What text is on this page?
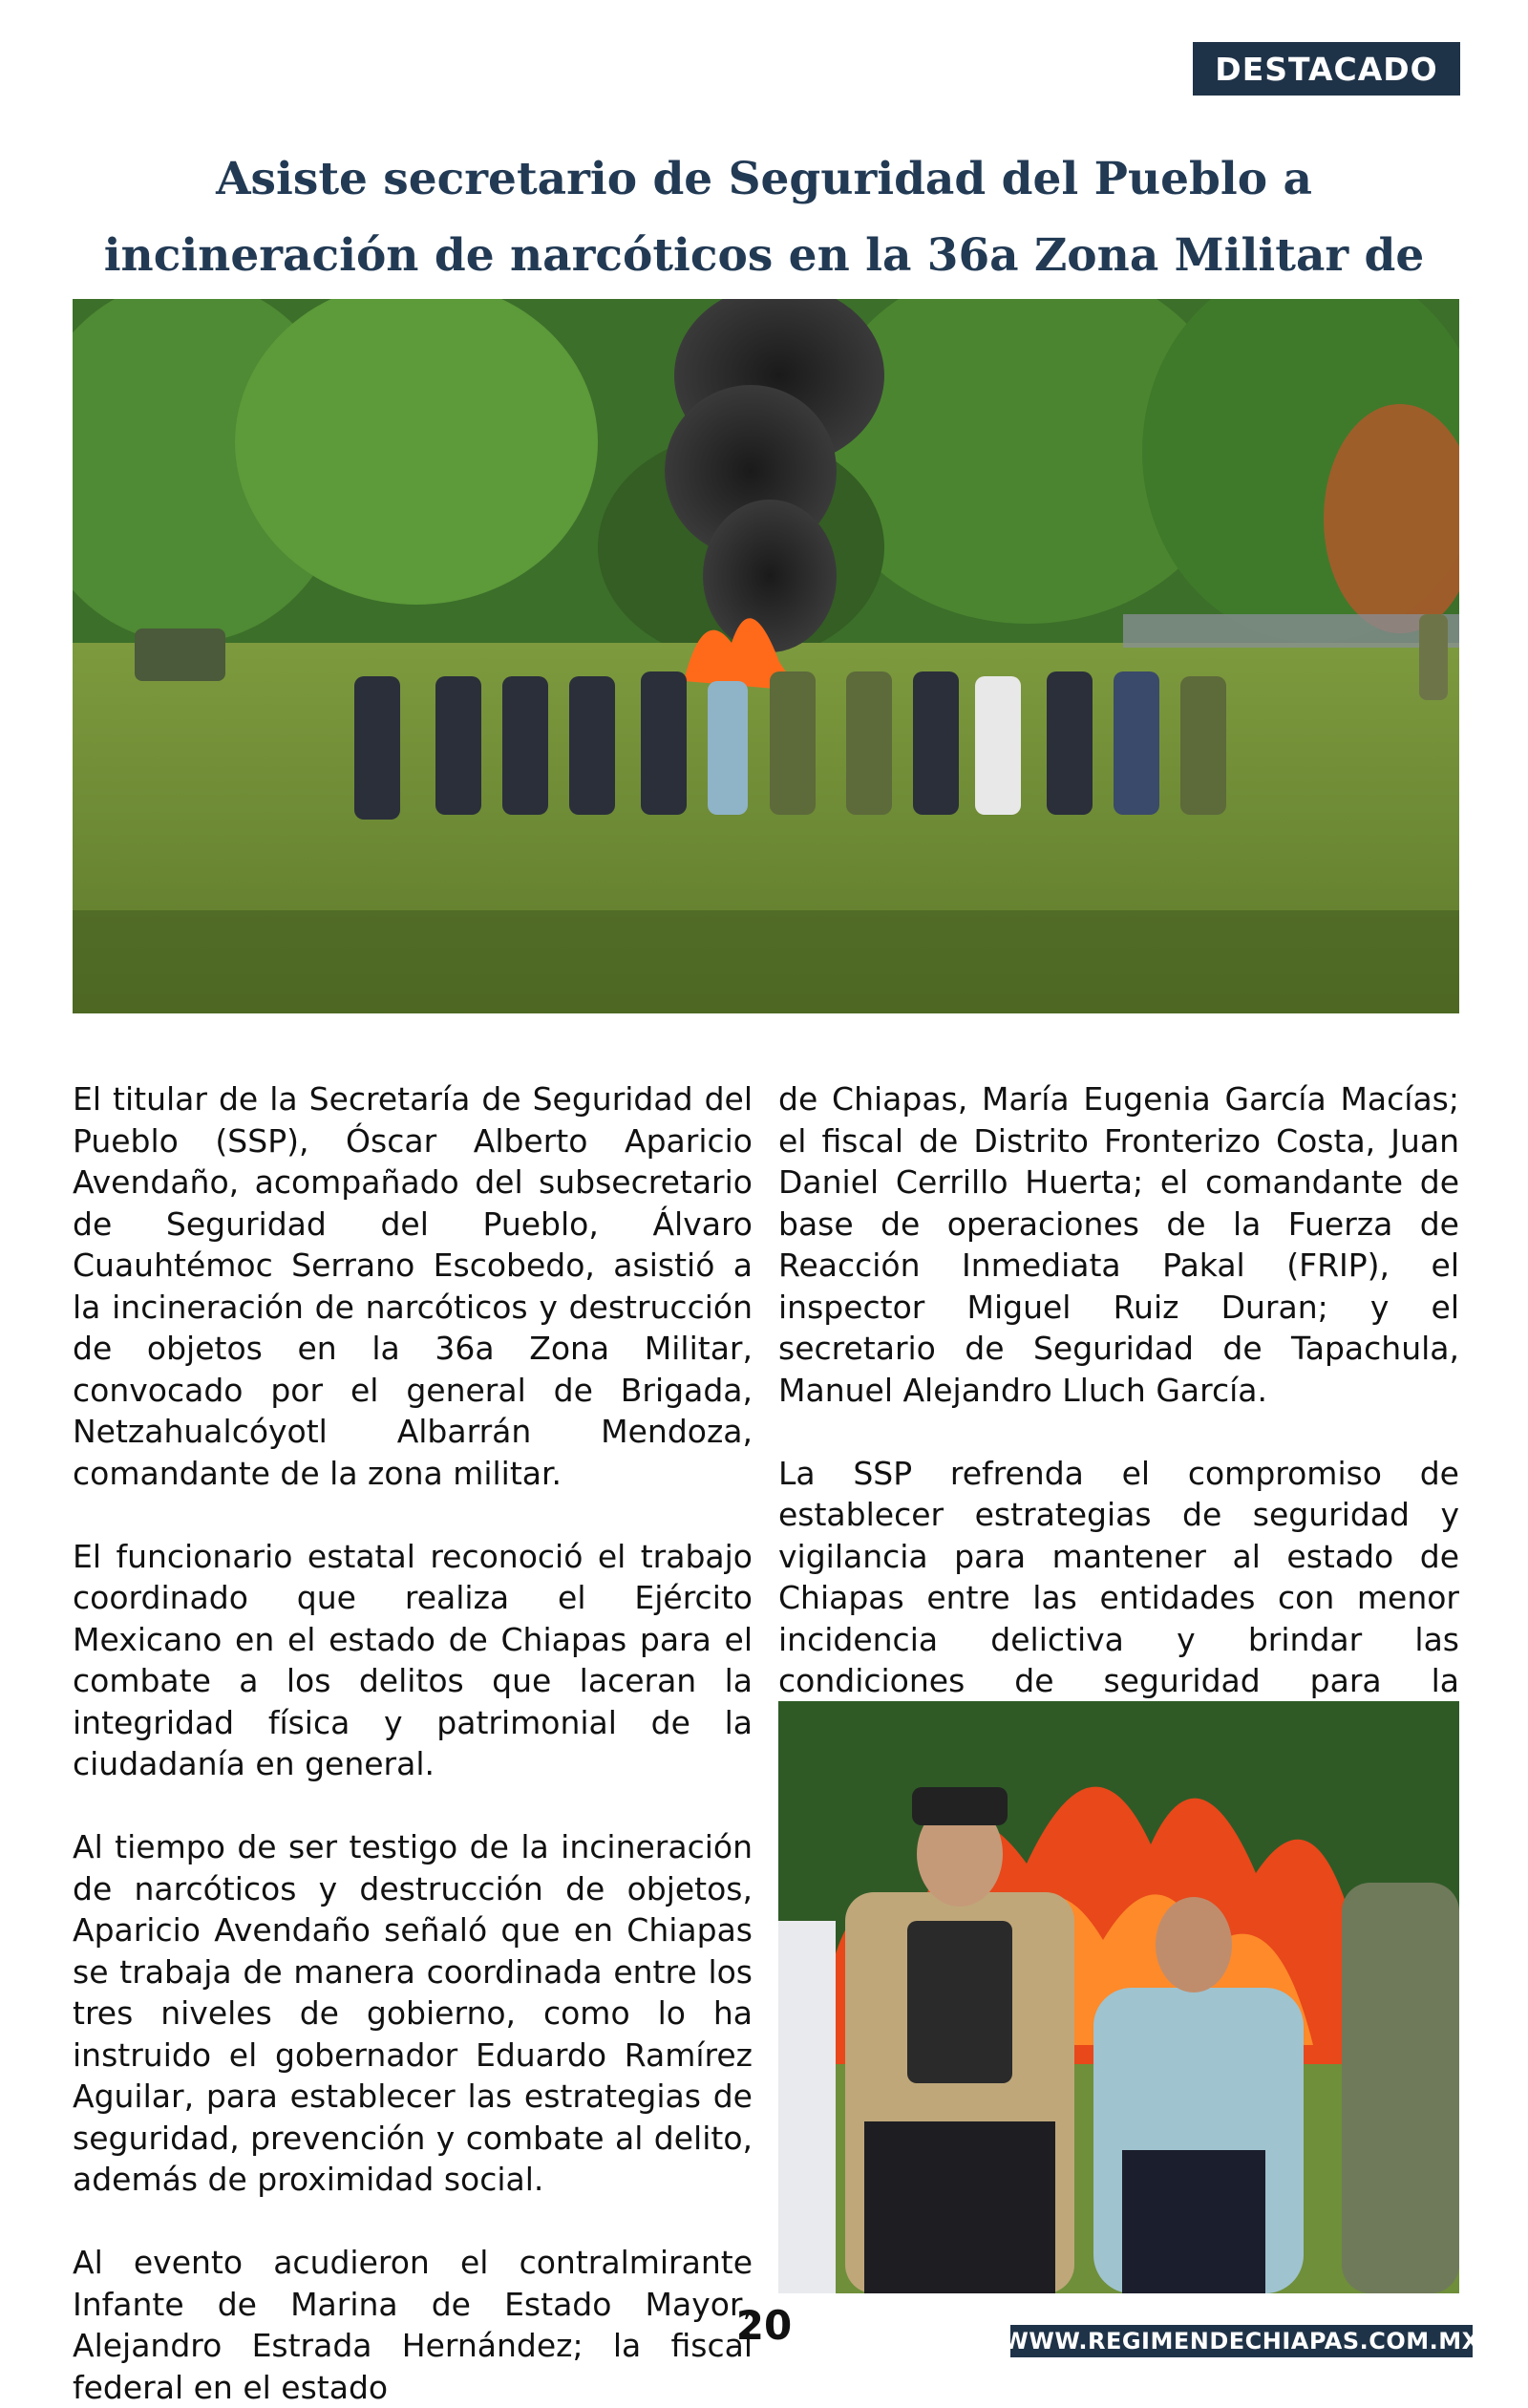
DESTACADO
Asiste secretario de Seguridad del Pueblo a incineración de narcóticos en la 36a Zona Militar de

El titular de la Secretaría de Seguridad del Pueblo (SSP), Óscar Alberto Aparicio Avendaño, acompañado del subsecretario de Seguridad del Pueblo, Álvaro Cuauhtémoc Serrano Escobedo, asistió a la incineración de narcóticos y destrucción de objetos en la 36a Zona Militar, convocado por el general de Brigada, Netzahualcóyotl Albarrán Mendoza, comandante de la zona militar.

El funcionario estatal reconoció el trabajo coordinado que realiza el Ejército Mexicano en el estado de Chiapas para el combate a los delitos que laceran la integridad física y patrimonial de la ciudadanía en general.

Al tiempo de ser testigo de la incineración de narcóticos y destrucción de objetos, Aparicio Avendaño señaló que en Chiapas se trabaja de manera coordinada entre los tres niveles de gobierno, como lo ha instruido el gobernador Eduardo Ramírez Aguilar, para establecer las estrategias de seguridad, prevención y combate al delito, además de proximidad social.

Al evento acudieron el contralmirante Infante de Marina de Estado Mayor, Alejandro Estrada Hernández; la fiscal federal en el estado

de Chiapas, María Eugenia García Macías; el fiscal de Distrito Fronterizo Costa, Juan Daniel Cerrillo Huerta; el comandante de base de operaciones de la Fuerza de Reacción Inmediata Pakal (FRIP), el inspector Miguel Ruiz Duran; y el secretario de Seguridad de Tapachula, Manuel Alejandro Lluch García.

La SSP refrenda el compromiso de establecer estrategias de seguridad y vigilancia para mantener al estado de Chiapas entre las entidades con menor incidencia delictiva y brindar las condiciones de seguridad para la

20	WWW.REGIMENDECHIAPAS.COM.MX
